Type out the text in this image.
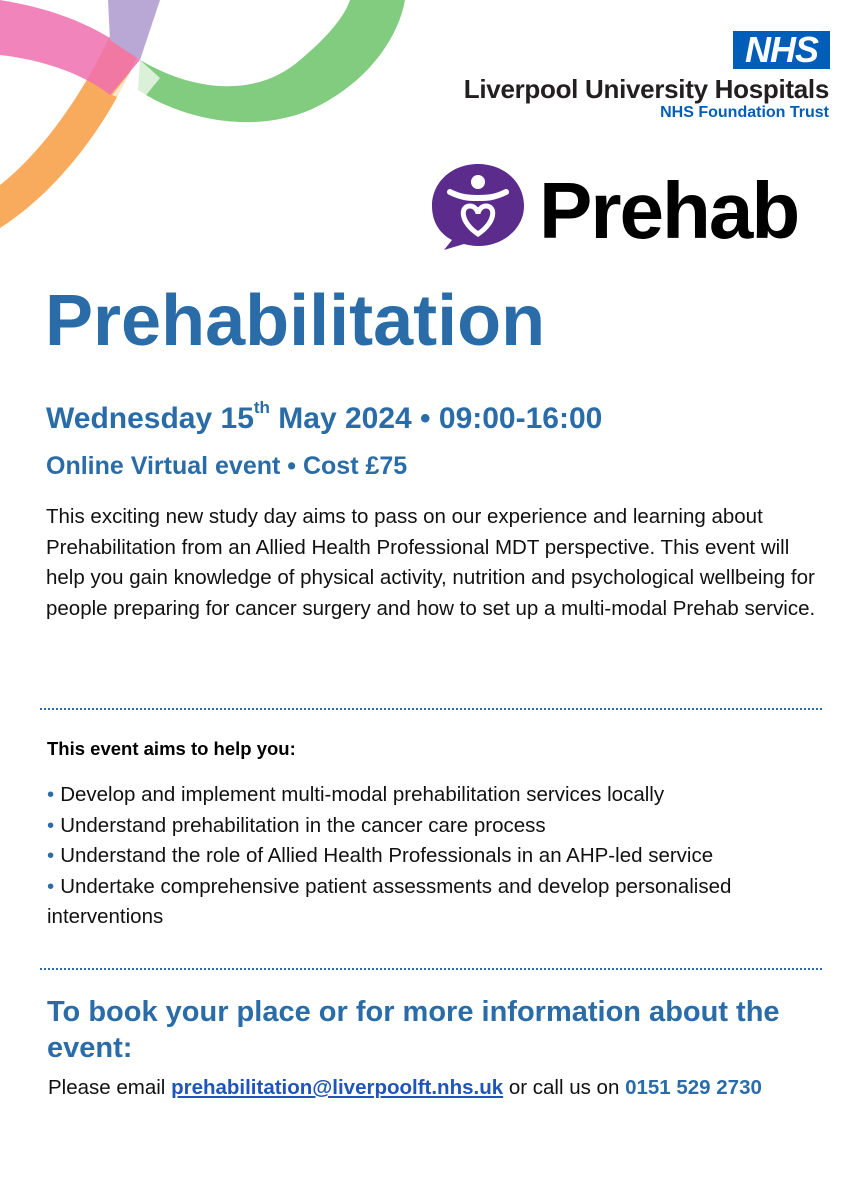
NHS
Liverpool University Hospitals
NHS Foundation Trust
Prehab
Prehabilitation
Wednesday 15th May 2024 • 09:00-16:00
Online Virtual event • Cost £75
This exciting new study day aims to pass on our experience and learning about Prehabilitation from an Allied Health Professional MDT perspective. This event will help you gain knowledge of physical activity, nutrition and psychological wellbeing for people preparing for cancer surgery and how to set up a multi-modal Prehab service.
This event aims to help you:
• Develop and implement multi-modal prehabilitation services locally
• Understand prehabilitation in the cancer care process
• Understand the role of Allied Health Professionals in an AHP-led service
• Undertake comprehensive patient assessments and develop personalised interventions
To book your place or for more information about the event:
Please email prehabilitation@liverpoolft.nhs.uk or call us on 0151 529 2730
